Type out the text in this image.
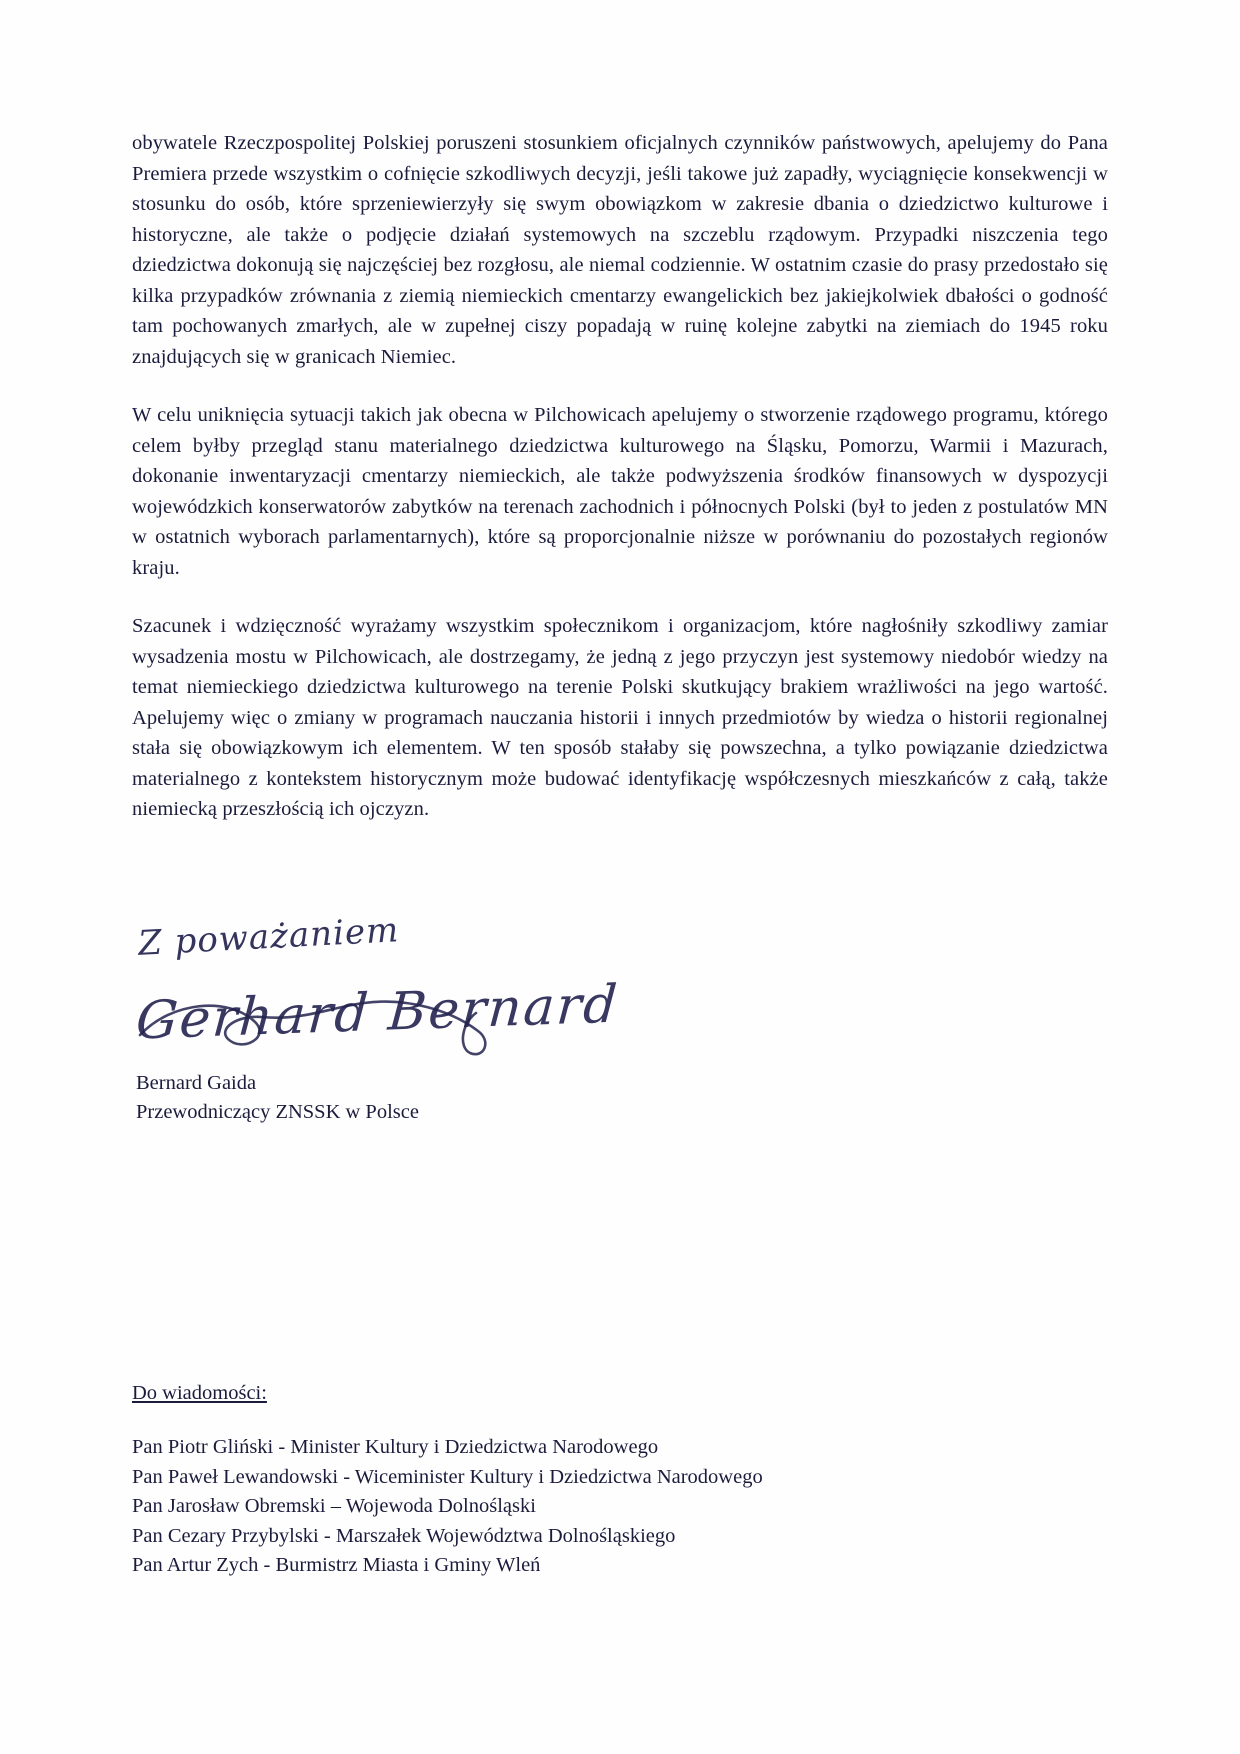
obywatele Rzeczpospolitej Polskiej poruszeni stosunkiem oficjalnych czynników państwowych, apelujemy do Pana Premiera przede wszystkim o cofnięcie szkodliwych decyzji, jeśli takowe już zapadły, wyciągnięcie konsekwencji w stosunku do osób, które sprzeniewierzyły się swym obowiązkom w zakresie dbania o dziedzictwo kulturowe i historyczne, ale także o podjęcie działań systemowych na szczeblu rządowym. Przypadki niszczenia tego dziedzictwa dokonują się najczęściej bez rozgłosu, ale niemal codziennie. W ostatnim czasie do prasy przedostało się kilka przypadków zrównania z ziemią niemieckich cmentarzy ewangelickich bez jakiejkolwiek dbałości o godność tam pochowanych zmarłych, ale w zupełnej ciszy popadają w ruinę kolejne zabytki na ziemiach do 1945 roku znajdujących się w granicach Niemiec.

W celu uniknięcia sytuacji takich jak obecna w Pilchowicach apelujemy o stworzenie rządowego programu, którego celem byłby przegląd stanu materialnego dziedzictwa kulturowego na Śląsku, Pomorzu, Warmii i Mazurach, dokonanie inwentaryzacji cmentarzy niemieckich, ale także podwyższenia środków finansowych w dyspozycji wojewódzkich konserwatorów zabytków na terenach zachodnich i północnych Polski (był to jeden z postulatów MN w ostatnich wyborach parlamentarnych), które są proporcjonalnie niższe w porównaniu do pozostałych regionów kraju.

Szacunek i wdzięczność wyrażamy wszystkim społecznikom i organizacjom, które nagłośniły szkodliwy zamiar wysadzenia mostu w Pilchowicach, ale dostrzegamy, że jedną z jego przyczyn jest systemowy niedobór wiedzy na temat niemieckiego dziedzictwa kulturowego na terenie Polski skutkujący brakiem wrażliwości na jego wartość. Apelujemy więc o zmiany w programach nauczania historii i innych przedmiotów by wiedza o historii regionalnej stała się obowiązkowym ich elementem. W ten sposób stałaby się powszechna, a tylko powiązanie dziedzictwa materialnego z kontekstem historycznym może budować identyfikację współczesnych mieszkańców z całą, także niemiecką przeszłością ich ojczyzn.

Z poważaniem
Gerhard Bernard
Bernard Gaida
Przewodniczący ZNSSK w Polsce
Do wiadomości:
Pan Piotr Gliński - Minister Kultury i Dziedzictwa Narodowego
Pan Paweł Lewandowski - Wiceminister Kultury i Dziedzictwa Narodowego
Pan Jarosław Obremski – Wojewoda Dolnośląski
Pan Cezary Przybylski - Marszałek Województwa Dolnośląskiego
Pan Artur Zych - Burmistrz Miasta i Gminy Wleń
